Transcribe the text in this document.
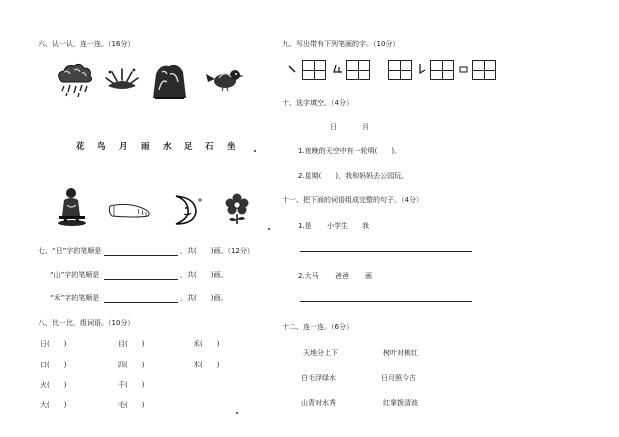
六、认一认，连一连。（16分）
花 鸟 月 雨 水 足 石 坐
七、“日”字的笔顺是	，共(　　)画。（12分）
“山”字的笔顺是	，共(　　)画。
“禾”字的笔顺是	，共(　　)画。
八、比一比，组词语。（10分）
日(　　)	目(　　)	禾(　　)
口(　　)	四(　　)	木(　　)
火(　　)	千(　　)
大(　　)	毛(　　)
九、写出带有下列笔画的字。（10分）
十、选字填空。（4分）
日	月
1.夜晚的天空中有一轮明(　　)。
2.星期(　　)，我和妈妈去公园玩。
十一、把下面的词语组成完整的句子。（4分）
1.是 小学生 我
2.大马 爸爸 画
十二、连一连。（6分）
天地分上下	树叶对桃红
白毛浮绿水	日月照今古
山青对水秀	红掌拨清波
